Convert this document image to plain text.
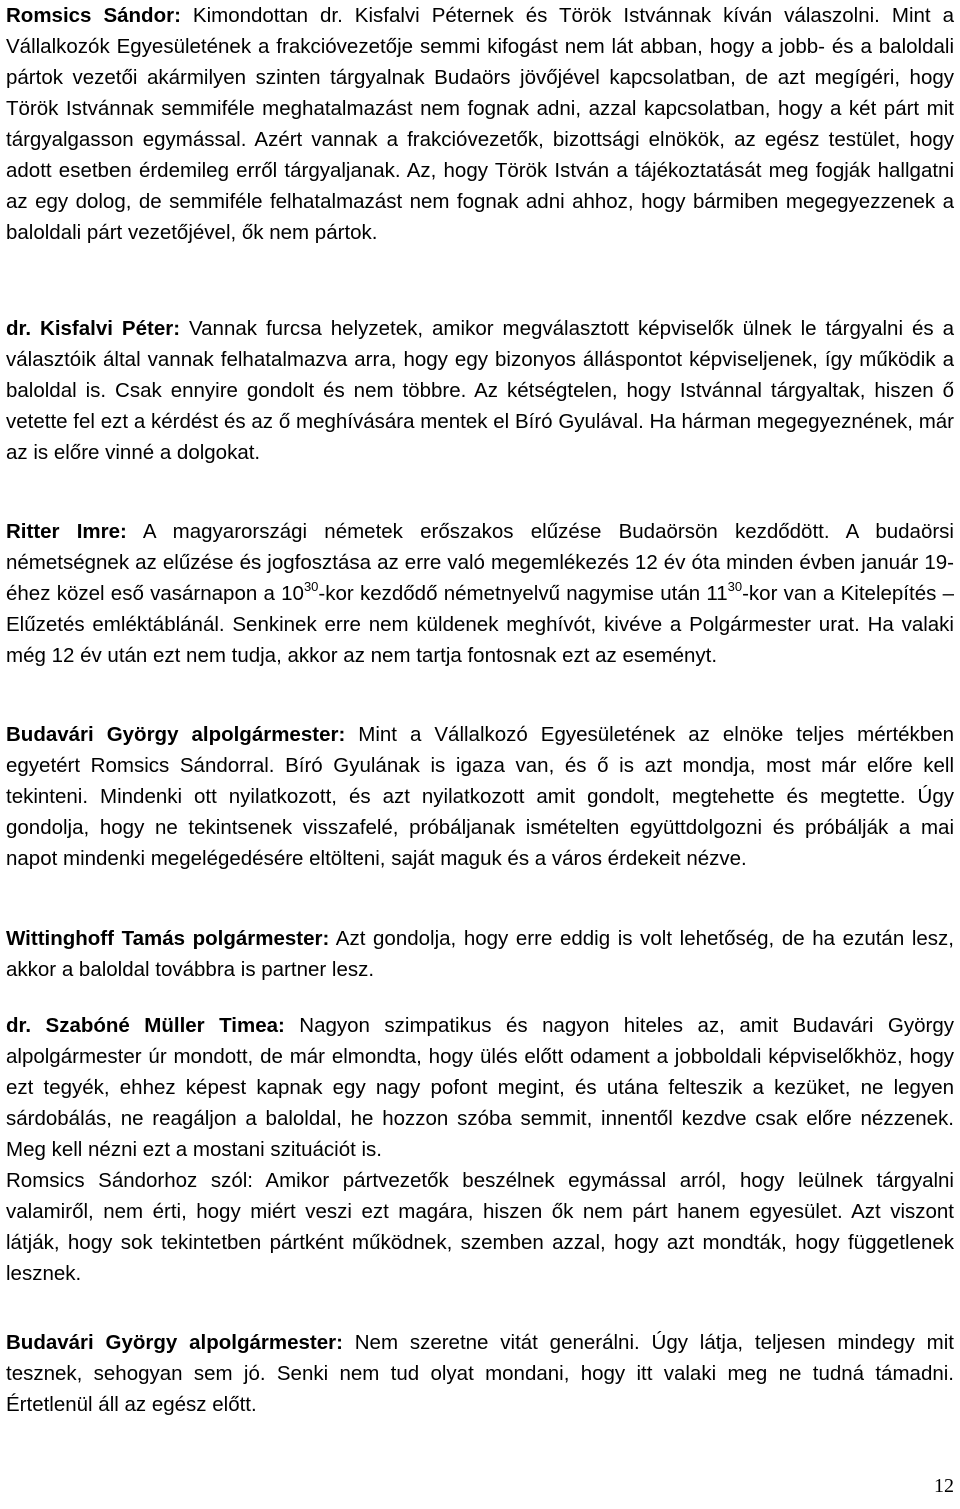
Romsics Sándor: Kimondottan dr. Kisfalvi Péternek és Török Istvánnak kíván válaszolni. Mint a Vállalkozók Egyesületének a frakcióvezetője semmi kifogást nem lát abban, hogy a jobb- és a baloldali pártok vezetői akármilyen szinten tárgyalnak Budaörs jövőjével kapcsolatban, de azt megígéri, hogy Török Istvánnak semmiféle meghatalmazást nem fognak adni, azzal kapcsolatban, hogy a két párt mit tárgyalgasson egymással. Azért vannak a frakcióvezetők, bizottsági elnökök, az egész testület, hogy adott esetben érdemileg erről tárgyaljanak. Az, hogy Török István a tájékoztatását meg fogják hallgatni az egy dolog, de semmiféle felhatalmazást nem fognak adni ahhoz, hogy bármiben megegyezzenek a baloldali párt vezetőjével, ők nem pártok.

dr. Kisfalvi Péter: Vannak furcsa helyzetek, amikor megválasztott képviselők ülnek le tárgyalni és a választóik által vannak felhatalmazva arra, hogy egy bizonyos álláspontot képviseljenek, így működik a baloldal is. Csak ennyire gondolt és nem többre. Az kétségtelen, hogy Istvánnal tárgyaltak, hiszen ő vetette fel ezt a kérdést és az ő meghívására mentek el Bíró Gyulával. Ha hárman megegyeznének, már az is előre vinné a dolgokat.

Ritter Imre: A magyarországi németek erőszakos elűzése Budaörsön kezdődött. A budaörsi németségnek az elűzése és jogfosztása az erre való megemlékezés 12 év óta minden évben január 19-éhez közel eső vasárnapon a $10^{30}$-kor kezdődő németnyelvű nagymise után $11^{30}$-kor van a Kitelepítés – Elűzetés emléktáblánál. Senkinek erre nem küldenek meghívót, kivéve a Polgármester urat. Ha valaki még 12 év után ezt nem tudja, akkor az nem tartja fontosnak ezt az eseményt.

Budavári György alpolgármester: Mint a Vállalkozó Egyesületének az elnöke teljes mértékben egyetért Romsics Sándorral. Bíró Gyulának is igaza van, és ő is azt mondja, most már előre kell tekinteni. Mindenki ott nyilatkozott, és azt nyilatkozott amit gondolt, megtehette és megtette. Úgy gondolja, hogy ne tekintsenek visszafelé, próbáljanak ismételten együttdolgozni és próbálják a mai napot mindenki megelégedésére eltölteni, saját maguk és a város érdekeit nézve.

Wittinghoff Tamás polgármester: Azt gondolja, hogy erre eddig is volt lehetőség, de ha ezután lesz, akkor a baloldal továbbra is partner lesz.

dr. Szabóné Müller Timea: Nagyon szimpatikus és nagyon hiteles az, amit Budavári György alpolgármester úr mondott, de már elmondta, hogy ülés előtt odament a jobboldali képviselőkhöz, hogy ezt tegyék, ehhez képest kapnak egy nagy pofont megint, és utána felteszik a kezüket, ne legyen sárdobálás, ne reagáljon a baloldal, he hozzon szóba semmit, innentől kezdve csak előre nézzenek. Meg kell nézni ezt a mostani szituációt is.
Romsics Sándorhoz szól: Amikor pártvezetők beszélnek egymással arról, hogy leülnek tárgyalni valamiről, nem érti, hogy miért veszi ezt magára, hiszen ők nem párt hanem egyesület. Azt viszont látják, hogy sok tekintetben pártként működnek, szemben azzal, hogy azt mondták, hogy függetlenek lesznek.

Budavári György alpolgármester: Nem szeretne vitát generálni. Úgy látja, teljesen mindegy mit tesznek, sehogyan sem jó. Senki nem tud olyat mondani, hogy itt valaki meg ne tudná támadni. Értetlenül áll az egész előtt.

12
